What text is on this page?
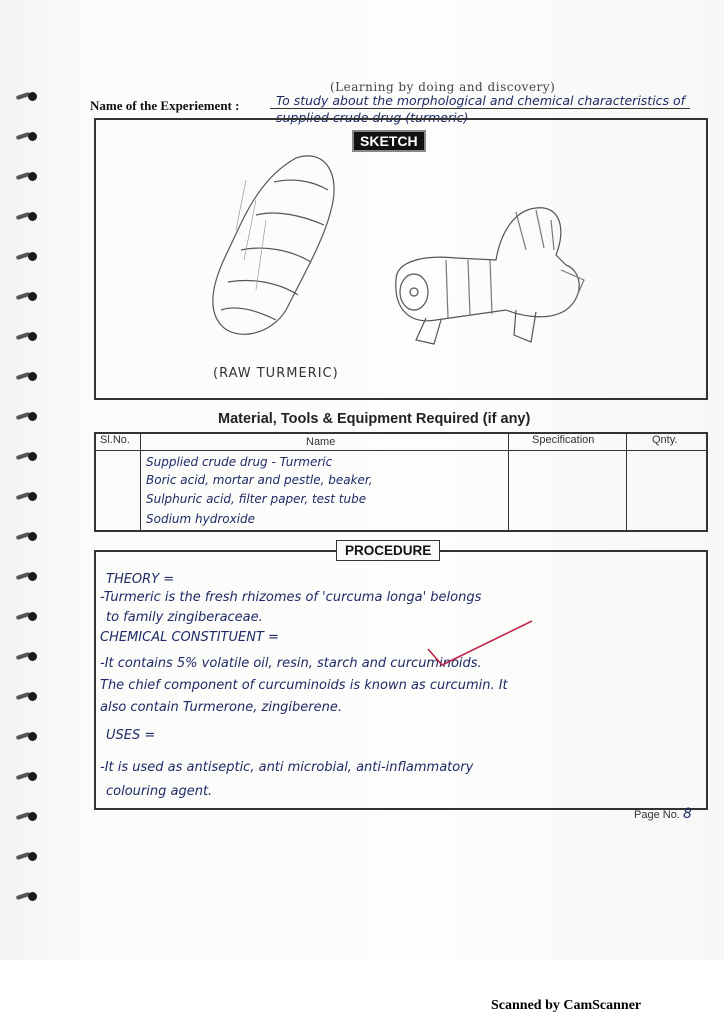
(Learning by doing and discovery)
Name of the Experiement :	To study about the morphological and chemical characteristics of supplied crude drug (turmeric)
SKETCH
(RAW TURMERIC)
Material, Tools & Equipment Required (if any)
Sl.No.	Name	Specification	Qnty.
Supplied crude drug - Turmeric
Boric acid, mortar and pestle, beaker,
Sulphuric acid, filter paper, test tube
Sodium hydroxide
PROCEDURE
THEORY =
-Turmeric is the fresh rhizomes of 'curcuma longa' belongs
to family zingiberaceae.
CHEMICAL CONSTITUENT =
-It contains 5% volatile oil, resin, starch and curcuminoids.
The chief component of curcuminoids is known as curcumin. It
also contain Turmerone, zingiberene.
USES =
-It is used as antiseptic, anti microbial, anti-inflammatory
colouring agent.
Page No. 8
Scanned by CamScanner
